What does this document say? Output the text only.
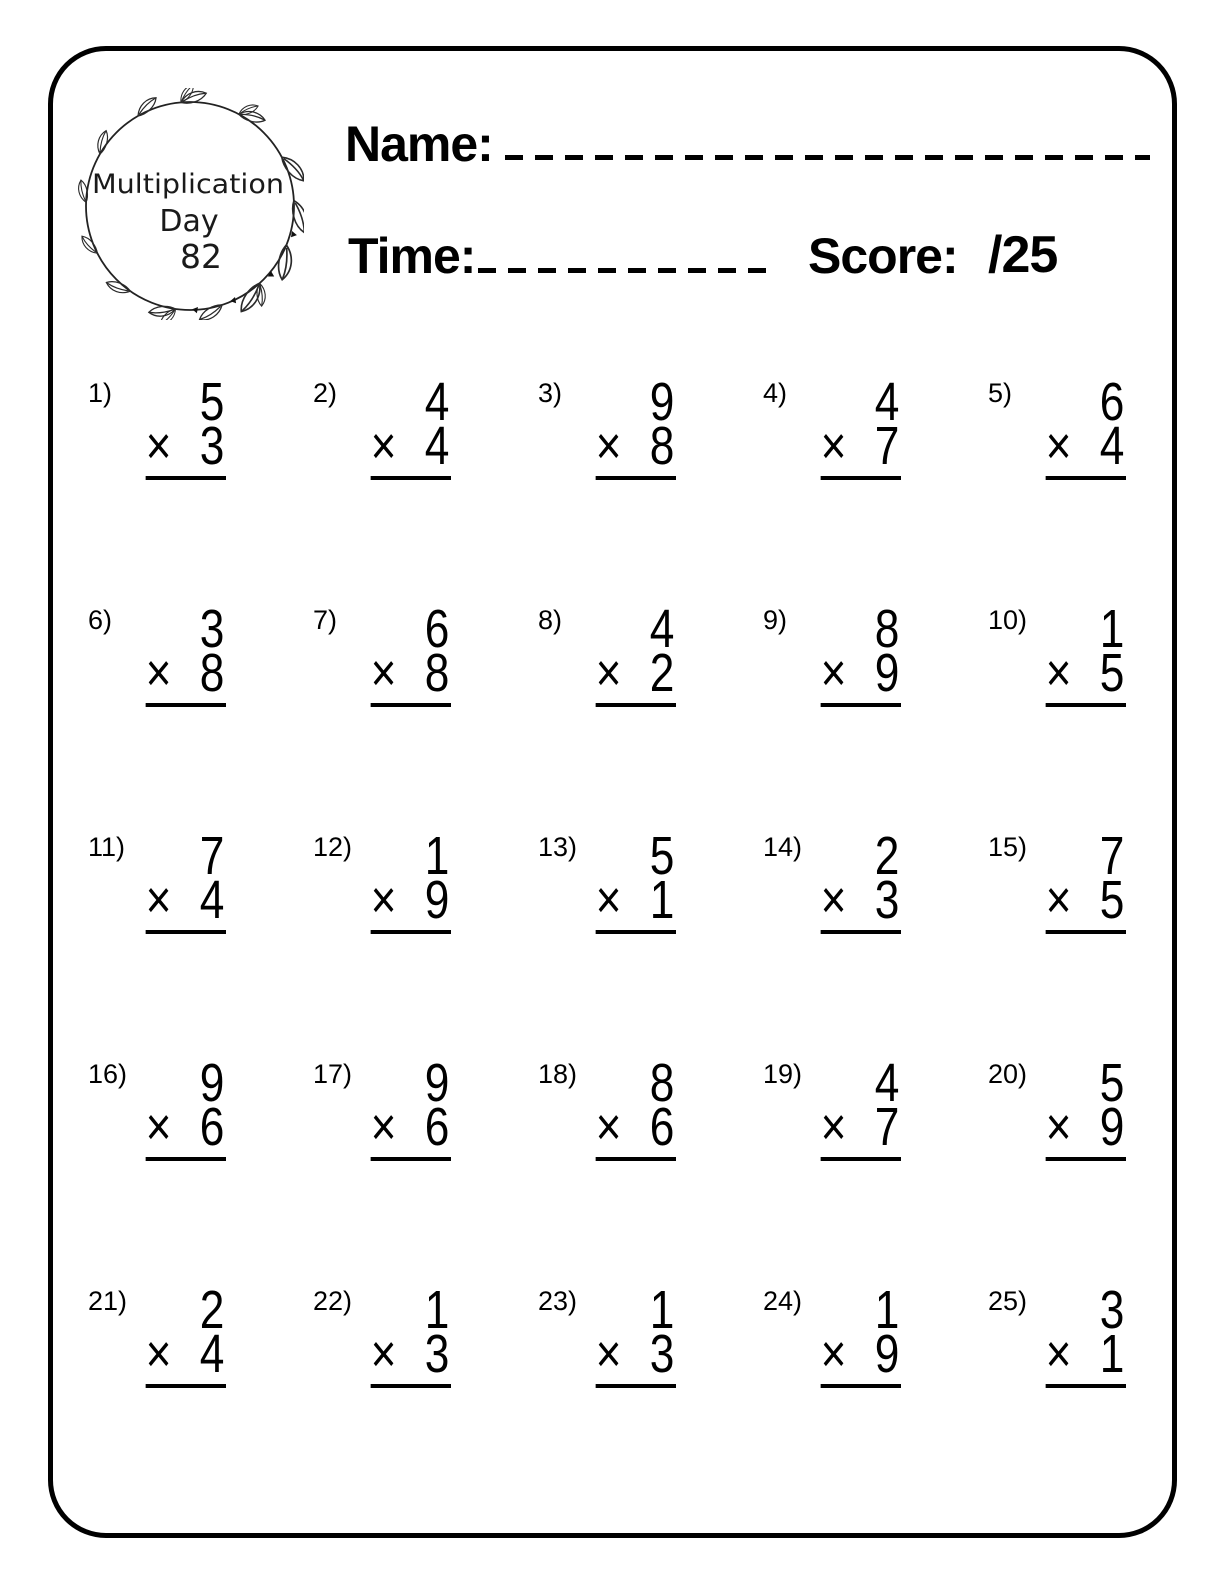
Multiplication
Day
82
Name:
Time:	Score: /25
1)	5
× 3
2)	4
× 4
3)	9
× 8
4)	4
× 7
5)	6
× 4
6)	3
× 8
7)	6
× 8
8)	4
× 2
9)	8
× 9
10)	1
× 5
11)	7
× 4
12)	1
× 9
13)	5
× 1
14)	2
× 3
15)	7
× 5
16)	9
× 6
17)	9
× 6
18)	8
× 6
19)	4
× 7
20)	5
× 9
21)	2
× 4
22)	1
× 3
23)	1
× 3
24)	1
× 9
25)	3
× 1
